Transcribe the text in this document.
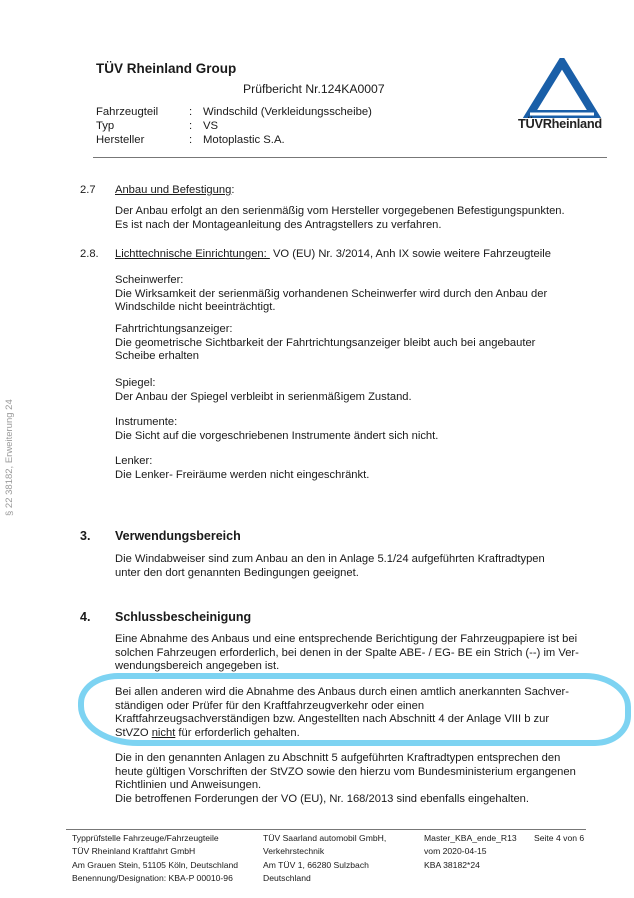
TÜV Rheinland Group
Prüfbericht Nr.124KA0007
Fahrzeugteil	: Windschild (Verkleidungsscheibe)
Typ	: VS
Hersteller	: Motoplastic S.A.
TÜVRheinland
§ 22 38182, Erweiterung 24
2.7 Anbau und Befestigung:
Der Anbau erfolgt an den serienmäßig vom Hersteller vorgegebenen Befestigungspunkten.
Es ist nach der Montageanleitung des Antragstellers zu verfahren.
2.8. Lichttechnische Einrichtungen:  VO (EU) Nr. 3/2014, Anh IX sowie weitere Fahrzeugteile
Scheinwerfer:
Die Wirksamkeit der serienmäßig vorhandenen Scheinwerfer wird durch den Anbau der
Windschilde nicht beeinträchtigt.
Fahrtrichtungsanzeiger:
Die geometrische Sichtbarkeit der Fahrtrichtungsanzeiger bleibt auch bei angebauter
Scheibe erhalten
Spiegel:
Der Anbau der Spiegel verbleibt in serienmäßigem Zustand.
Instrumente:
Die Sicht auf die vorgeschriebenen Instrumente ändert sich nicht.
Lenker:
Die Lenker- Freiräume werden nicht eingeschränkt.
3. Verwendungsbereich
Die Windabweiser sind zum Anbau an den in Anlage 5.1/24 aufgeführten Kraftradtypen
unter den dort genannten Bedingungen geeignet.
4. Schlussbescheinigung
Eine Abnahme des Anbaus und eine entsprechende Berichtigung der Fahrzeugpapiere ist bei
solchen Fahrzeugen erforderlich, bei denen in der Spalte ABE- / EG- BE ein Strich (--) im Ver-
wendungsbereich angegeben ist.
Bei allen anderen wird die Abnahme des Anbaus durch einen amtlich anerkannten Sachver-
ständigen oder Prüfer für den Kraftfahrzeugverkehr oder einen
Kraftfahrzeugsachverständigen bzw. Angestellten nach Abschnitt 4 der Anlage VIII b zur
StVZO nicht für erforderlich gehalten.
Die in den genannten Anlagen zu Abschnitt 5 aufgeführten Kraftradtypen entsprechen den
heute gültigen Vorschriften der StVZO sowie den hierzu vom Bundesministerium ergangenen
Richtlinien und Anweisungen.
Die betroffenen Forderungen der VO (EU), Nr. 168/2013 sind ebenfalls eingehalten.
Typprüfstelle Fahrzeuge/Fahrzeugteile
TÜV Rheinland Kraftfahrt GmbH
Am Grauen Stein, 51105 Köln, Deutschland
Benennung/Designation: KBA-P 00010-96
TÜV Saarland automobil GmbH,
Verkehrstechnik
Am TÜV 1, 66280 Sulzbach
Deutschland
Master_KBA_ende_R13
vom 2020-04-15
KBA 38182*24
Seite 4 von 6
